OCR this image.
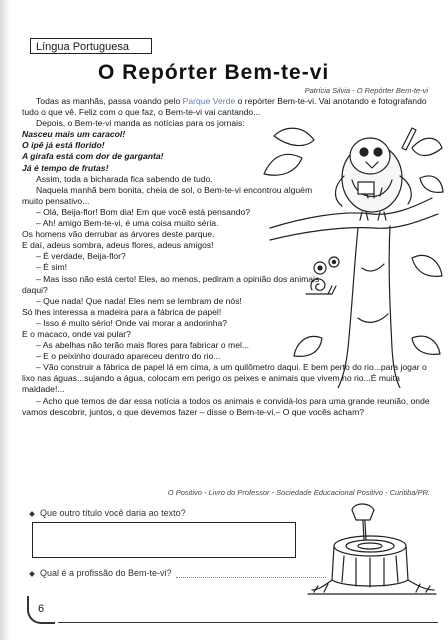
Língua Portuguesa
O Repórter Bem-te-vi
Patrícia Silvia - O Repórter Bem-te-vi

Todas as manhãs, passa voando pelo Parque Verde o repórter Bem-te-vi. Vai anotando e fotografando tudo o que vê. Feliz com o que faz, o Bem-te-vi vai cantando...

Depois, o Bem-te-vi manda as notícias para os jornais:

Nasceu mais um caracol!

O ipê já está florido!

A girafa está com dor de garganta!

Já é tempo de frutas!

Assim, toda a bicharada fica sabendo de tudo.

Naquela manhã bem bonita, cheia de sol, o Bem-te-vi encontrou alguém muito pensativo...

– Olá, Beija-flor! Bom dia! Em que você está pensando?

– Ah! amigo Bem-te-vi, é uma coisa muito séria.

Os homens vão derrubar as árvores deste parque.

E daí, adeus sombra, adeus flores, adeus amigos!

– É verdade, Beija-flor?

– É sim!

– Mas isso não está certo! Eles, ao menos, pediram a opinião dos animais daqui?

– Que nada! Que nada! Eles nem se lembram de nós!

Só lhes interessa a madeira para a fábrica de papel!

– Isso é muito sério! Onde vai morar a andorinha?

E o macaco, onde vai pular?

– As abelhas não terão mais flores para fabricar o mel...

– E o peixinho dourado apareceu dentro do rio...

– Vão construir a fábrica de papel lá em cima, a um quilômetro daqui. E bem perto do rio...para jogar o lixo nas águas...sujando a água, colocam em perigo os peixes e animais que vivem no rio...É muita maldade!...

– Acho que temos de dar essa notícia a todos os animais e convidá-los para uma grande reunião, onde vamos descobrir, juntos, o que devemos fazer – disse o Bem-te-vi.– O que vocês acham?

O Positivo - Livro do Professor - Sociedade Educacional Positivo - Curitiba/PR.
Que outro título você daria ao texto?
Qual é a profissão do Bem-te-vi?
6
